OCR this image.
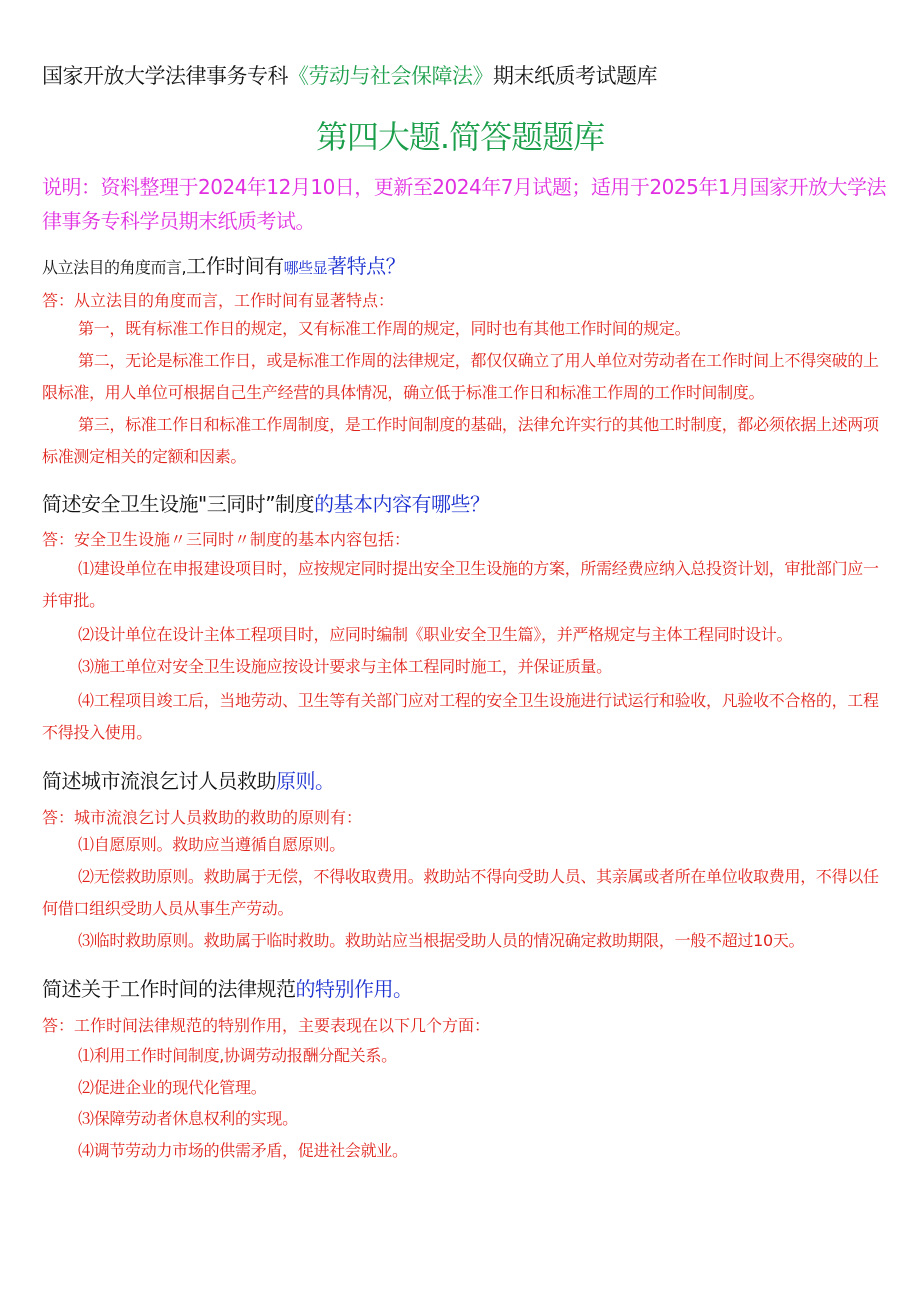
国家开放大学法律事务专科《劳动与社会保障法》期末纸质考试题库
第四大题.简答题题库
说明：资料整理于2024年12月10日，更新至2024年7月试题；适用于2025年1月国家开放大学法律事务专科学员期末纸质考试。
从立法目的角度而言,工作时间有哪些显著特点？
答：从立法目的角度而言，工作时间有显著特点：
第一，既有标准工作日的规定，又有标准工作周的规定，同时也有其他工作时间的规定。
第二，无论是标准工作日，或是标准工作周的法律规定，都仅仅确立了用人单位对劳动者在工作时间上不得突破的上限标准，用人单位可根据自己生产经营的具体情况，确立低于标准工作日和标准工作周的工作时间制度。
第三，标准工作日和标准工作周制度，是工作时间制度的基础，法律允许实行的其他工时制度，都必须依据上述两项标准测定相关的定额和因素。
简述安全卫生设施"三同时”制度的基本内容有哪些？
答：安全卫生设施〃三同时〃制度的基本内容包括：
⑴建设单位在申报建设项目时，应按规定同时提出安全卫生设施的方案，所需经费应纳入总投资计划，审批部门应一并审批。
⑵设计单位在设计主体工程项目时，应同时编制《职业安全卫生篇》，并严格规定与主体工程同时设计。
⑶施工单位对安全卫生设施应按设计要求与主体工程同时施工，并保证质量。
⑷工程项目竣工后，当地劳动、卫生等有关部门应对工程的安全卫生设施进行试运行和验收，凡验收不合格的，工程不得投入使用。
简述城市流浪乞讨人员救助原则。
答：城市流浪乞讨人员救助的救助的原则有：
⑴自愿原则。救助应当遵循自愿原则。
⑵无偿救助原则。救助属于无偿，不得收取费用。救助站不得向受助人员、其亲属或者所在单位收取费用，不得以任何借口组织受助人员从事生产劳动。
⑶临时救助原则。救助属于临时救助。救助站应当根据受助人员的情况确定救助期限，一般不超过10天。
简述关于工作时间的法律规范的特别作用。
答：工作时间法律规范的特别作用，主要表现在以下几个方面：
⑴利用工作时间制度,协调劳动报酬分配关系。
⑵促进企业的现代化管理。
⑶保障劳动者休息权利的实现。
⑷调节劳动力市场的供需矛盾，促进社会就业。
